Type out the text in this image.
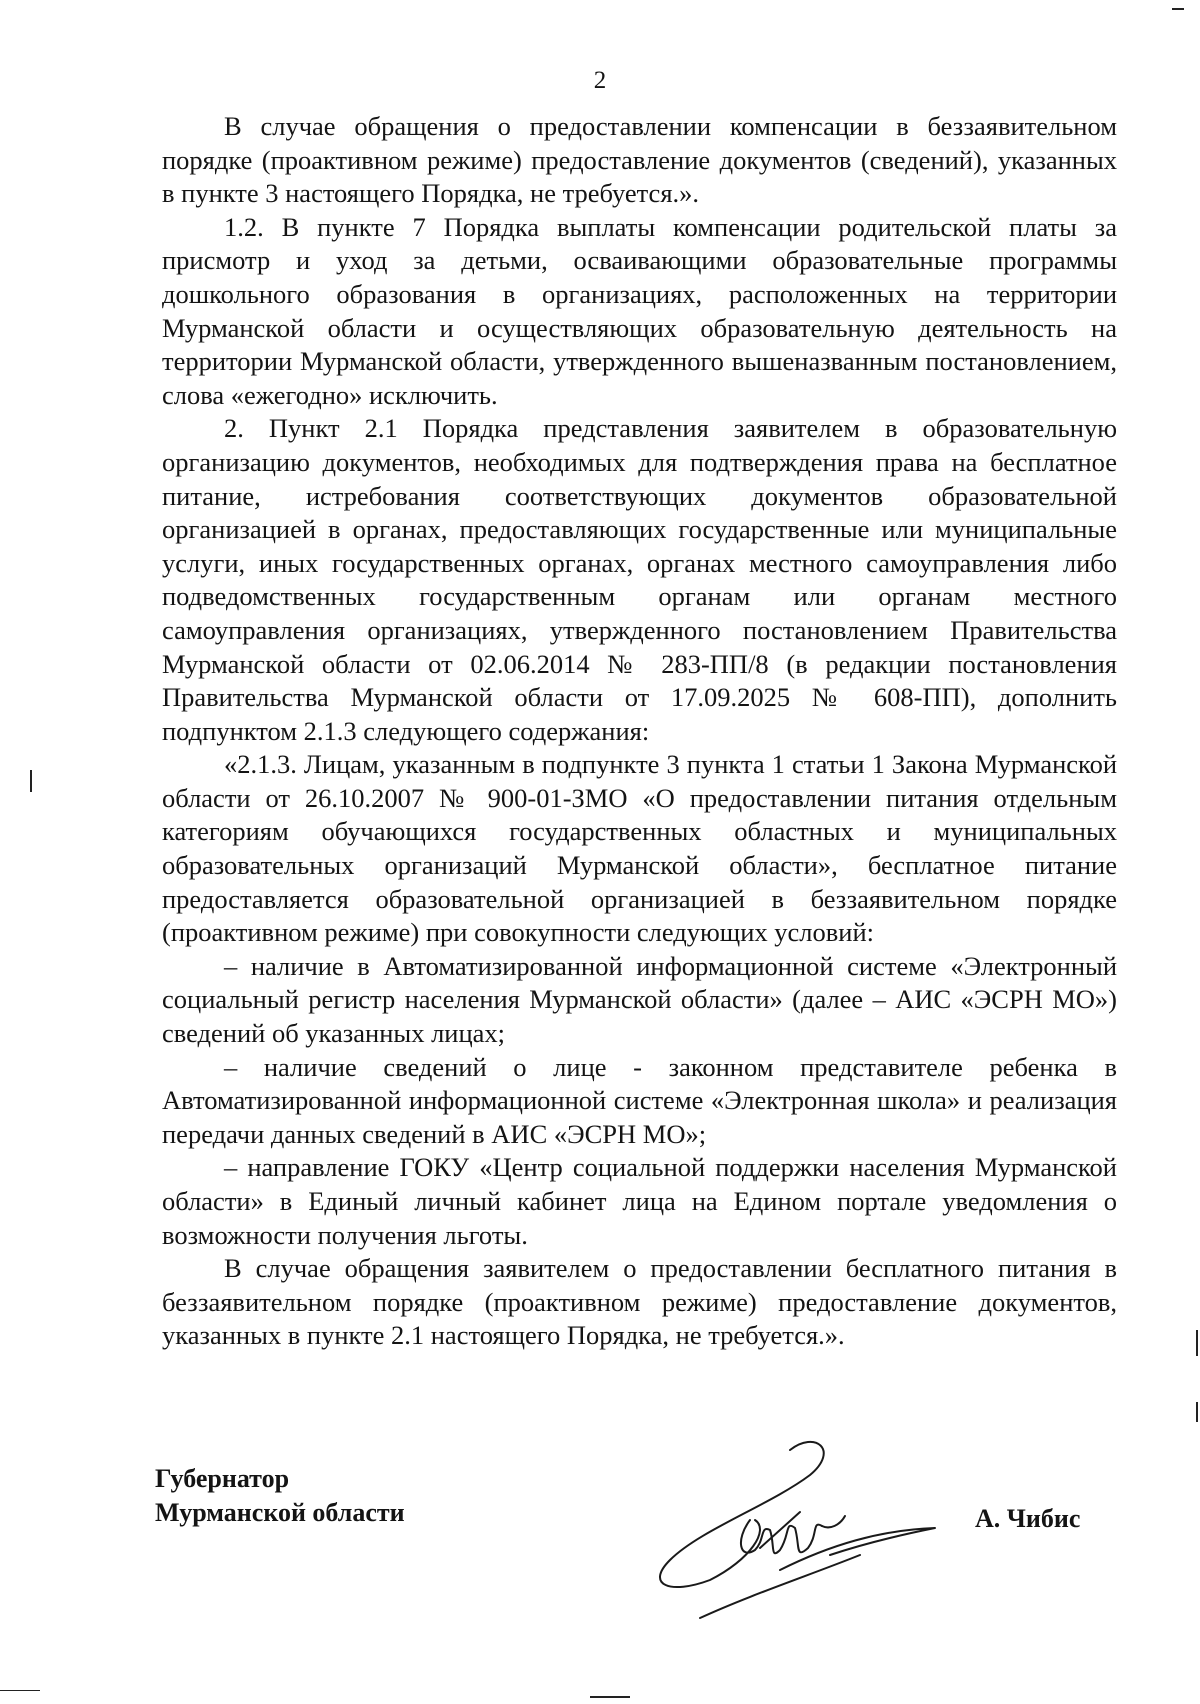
2

В случае обращения о предоставлении компенсации в беззаявительном порядке (проактивном режиме) предоставление документов (сведений), указанных в пункте 3 настоящего Порядка, не требуется.».

1.2. В пункте 7 Порядка выплаты компенсации родительской платы за присмотр и уход за детьми, осваивающими образовательные программы дошкольного образования в организациях, расположенных на территории Мурманской области и осуществляющих образовательную деятельность на территории Мурманской области, утвержденного вышеназванным постановлением, слова «ежегодно» исключить.

2. Пункт 2.1 Порядка представления заявителем в образовательную организацию документов, необходимых для подтверждения права на бесплатное питание, истребования соответствующих документов образовательной организацией в органах, предоставляющих государственные или муниципальные услуги, иных государственных органах, органах местного самоуправления либо подведомственных государственным органам или органам местного самоуправления организациях, утвержденного постановлением Правительства Мурманской области от 02.06.2014 № 283-ПП/8 (в редакции постановления Правительства Мурманской области от 17.09.2025 № 608-ПП), дополнить подпунктом 2.1.3 следующего содержания:

«2.1.3. Лицам, указанным в подпункте 3 пункта 1 статьи 1 Закона Мурманской области от 26.10.2007 № 900-01-ЗМО «О предоставлении питания отдельным категориям обучающихся государственных областных и муниципальных образовательных организаций Мурманской области», бесплатное питание предоставляется образовательной организацией в беззаявительном порядке (проактивном режиме) при совокупности следующих условий:

– наличие в Автоматизированной информационной системе «Электронный социальный регистр населения Мурманской области» (далее – АИС «ЭСРН МО») сведений об указанных лицах;

– наличие сведений о лице - законном представителе ребенка в Автоматизированной информационной системе «Электронная школа» и реализация передачи данных сведений в АИС «ЭСРН МО»;

– направление ГОКУ «Центр социальной поддержки населения Мурманской области» в Единый личный кабинет лица на Едином портале уведомления о возможности получения льготы.

В случае обращения заявителем о предоставлении бесплатного питания в беззаявительном порядке (проактивном режиме) предоставление документов, указанных в пункте 2.1 настоящего Порядка, не требуется.».

Губернатор
Мурманской области	А. Чибис
